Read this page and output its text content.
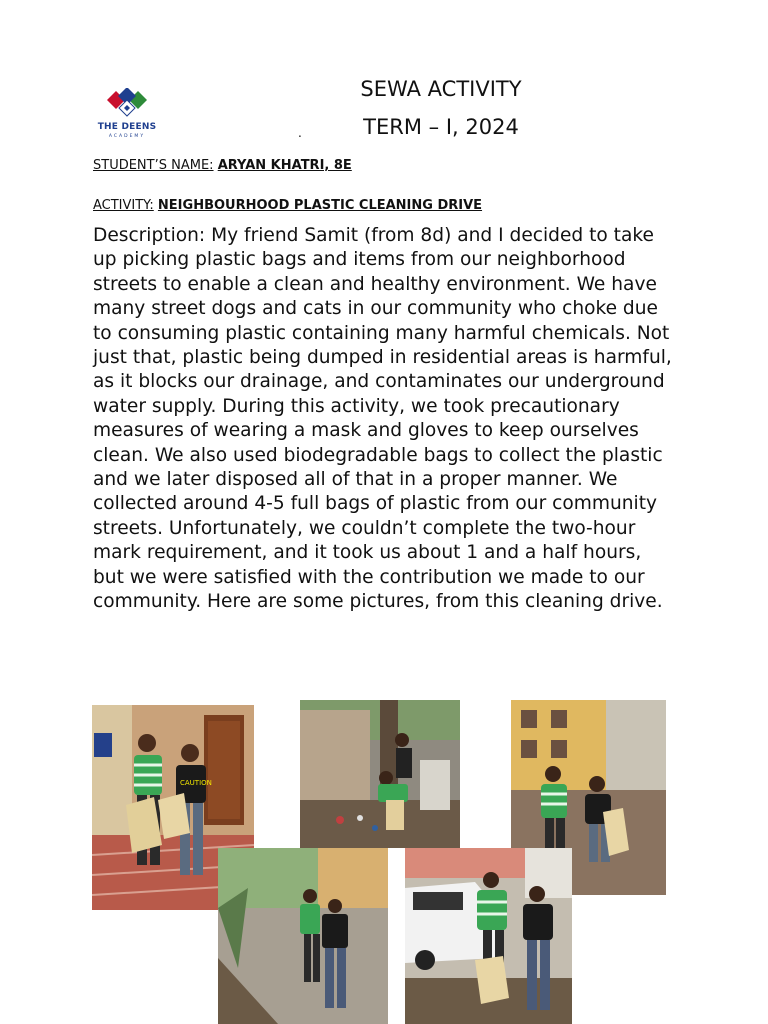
THE DEENS
ACADEMY
SEWA ACTIVITY
TERM – I, 2024
.
STUDENT’S NAME: ARYAN KHATRI, 8E
ACTIVITY: NEIGHBOURHOOD PLASTIC CLEANING DRIVE

Description: My friend Samit (from 8d) and I decided to take up picking plastic bags and items from our neighborhood streets to enable a clean and healthy environment. We have many street dogs and cats in our community who choke due to consuming plastic containing many harmful chemicals. Not just that, plastic being dumped in residential areas is harmful, as it blocks our drainage, and contaminates our underground water supply. During this activity, we took precautionary measures of wearing a mask and gloves to keep ourselves clean. We also used biodegradable bags to collect the plastic and we later disposed all of that in a proper manner. We collected around 4-5 full bags of plastic from our community streets. Unfortunately, we couldn’t complete the two-hour mark requirement, and it took us about 1 and a half hours, but we were satisfied with the contribution we made to our community. Here are some pictures, from this cleaning drive.

CAUTION
